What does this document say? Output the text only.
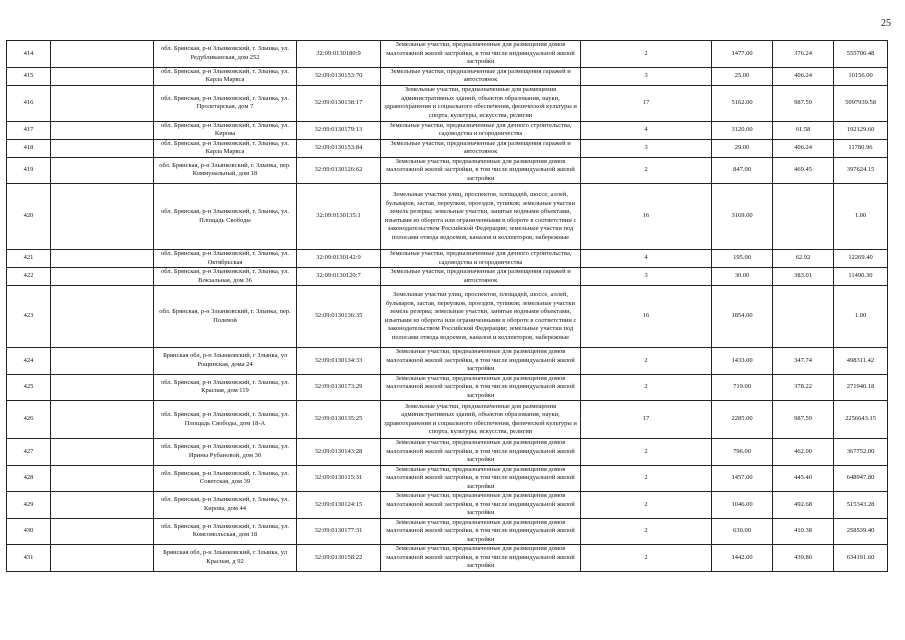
25
414		обл. Брянская, р-н Злынковский, г. Злынка, ул. Редубликанская, дом 252	32:09:0130180:9	Земельные участки, предназначенные для размещения домов малоэтажной жилой застройки, в том числе индивидуальной жилой застройки	2	1477.00	376.24	555706.48
415		обл. Брянская, р-н Злынковский, г. Злынка, ул. Карла Маркса	32:09:0130153:70	Земельные участки, предназначенные для размещения гаражей и автостоянок	3	25.00	406.24	10156.00
416		обл. Брянская, р-н Злынковский, г. Злынка, ул. Пролетарская, дом 7	32:09:0130138:17	Земельные участки, предназначенные для размещения административных зданий, объектов образования, науки, здравоохранения и социального обеспечения, физической культуры и спорта, культуры, искусства, религии	17	5162.00	987.59	5097939.58
417		обл. Брянская, р-н Злынковский, г. Злынка, ул. Кирова	32:09:0130179:13	Земельные участки, предназначенные для дачного строительства, садоводства и огородничества	4	3120.00	61.58	192129.60
418		обл. Брянская, р-н Злынковский, г. Злынка, ул. Карла Маркса	32:09:0130153:84	Земельные участки, предназначенные для размещения гаражей и автостоянок	3	29.00	406.24	11780.96
419		обл. Брянская, р-н Злынковский, г. Злынка, пер. Коммунальный, дом 18	32:09:0130126:62	Земельные участки, предназначенные для размещения домов малоэтажной жилой застройки, в том числе индивидуальной жилой застройки	2	847.00	469.45	397624.15
420		обл. Брянская, р-н Злынковский, г. Злынка, ул. Площадь Свободы	32:09:0130135:1	Земельные участки улиц, проспектов, площадей, шоссе, аллей, бульваров, застав, переулков, проездов, тупиков; земельные участки земель резерва; земельные участки, занятые водными объектами, изъятыми из оборота или ограниченными в обороте в соответствии с законодательством Российской Федерации; земельные участки под полосами отвода водоемов, каналов и коллекторов, набережные	16	3169.00		1.00
421		обл. Брянская, р-н Злынковский, г. Злынка, ул. Октябрьская	32:09:0130142:9	Земельные участки, предназначенные для дачного строительства, садоводства и огородничества	4	195.00	62.92	12269.40
422		обл. Брянская, р-н Злынковский, г. Злынка, ул. Вокзальная, дом 36	32:09:0130120:7	Земельные участки, предназначенные для размещения гаражей и автостоянок	3	30.00	383.01	11490.30
423		обл. Брянская, р-н Злынковский, г. Злынка, пер. Полевой	32:09:0130136:35	Земельные участки улиц, проспектов, площадей, шоссе, аллей, бульваров, застав, переулков, проездов, тупиков; земельные участки земель резерва; земельные участки, занятые водными объектами, изъятыми из оборота или ограниченными в обороте в соответствии с законодательством Российской Федерации; земельные участки под полосами отвода водоемов, каналов и коллекторов, набережные	16	1854.00		1.00
424		Брянская обл, р-н Злынковский, г Злынка, ул Рощинская, дома 24	32:09:0130134:33	Земельные участки, предназначенные для размещения домов малоэтажной жилой застройки, в том числе индивидуальной жилой застройки	2	1433.00	347.74	498311.42
425		обл. Брянская, р-н Злынковский, г. Злынка, ул. Красная, дом 119	32:09:0130173:29	Земельные участки, предназначенные для размещения домов малоэтажной жилой застройки, в том числе индивидуальной жилой застройки	2	719.00	378.22	271940.18
426		обл. Брянская, р-н Злынковский, г. Злынка, ул. Площадь Свободы, дом 18-А	32:09:0130135:25	Земельные участки, предназначенные для размещения административных зданий, объектов образования, науки, здравоохранения и социального обеспечения, физической культуры и спорта, культуры, искусства, религии	17	2285.00	987.59	2256643.15
427		обл. Брянская, р-н Злынковский, г. Злынка, ул. Ирины Рубановой, дом 30	32:09:0130143:28	Земельные участки, предназначенные для размещения домов малоэтажной жилой застройки, в том числе индивидуальной жилой застройки	2	796.00	462.00	367752.00
428		обл. Брянская, р-н Злынковский, г. Злынка, ул. Советская, дом 39	32:09:0130115:31	Земельные участки, предназначенные для размещения домов малоэтажной жилой застройки, в том числе индивидуальной жилой застройки	2	1457.00	445.40	648947.80
429		обл. Брянская, р-н Злынковский, г. Злынка, ул. Кирова, дом 44	32:09:0130124:15	Земельные участки, предназначенные для размещения домов малоэтажной жилой застройки, в том числе индивидуальной жилой застройки	2	1046.00	492.68	515343.28
430		обл. Брянская, р-н Злынковский, г. Злынка, ул. Комсомольская, дом 18	32:09:0130177:31	Земельные участки, предназначенные для размещения домов малоэтажной жилой застройки, в том числе индивидуальной жилой застройки	2	630.00	410.38	258539.40
431		Брянская обл, р-н Злынковский, г Злынка, ул Красная, д 92	32:09:0130158:22	Земельные участки, предназначенные для размещения домов малоэтажной жилой застройки, в том числе индивидуальной жилой застройки	2	1442.00	439.80	634191.60
